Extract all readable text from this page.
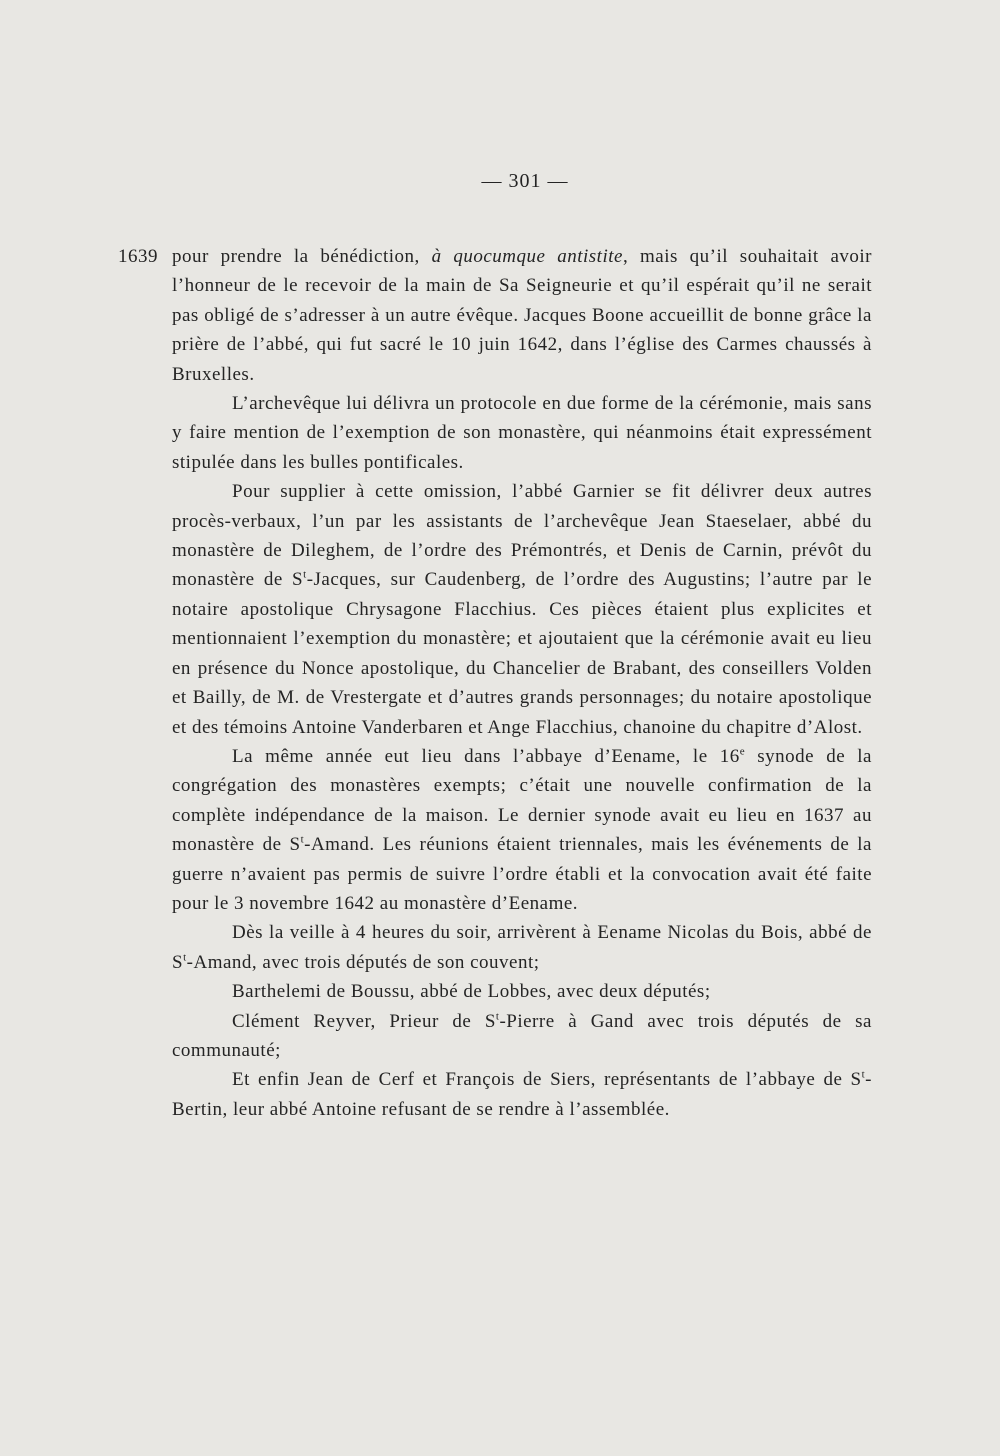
— 301 —
1639 pour prendre la bénédiction, à quocumque antistite, mais qu’il souhaitait avoir l’honneur de le recevoir de la main de Sa Seigneurie et qu’il espérait qu’il ne serait pas obligé de s’adresser à un autre évêque. Jacques Boone accueillit de bonne grâce la prière de l’abbé, qui fut sacré le 10 juin 1642, dans l’église des Carmes chaussés à Bruxelles.

L’archevêque lui délivra un protocole en due forme de la cérémonie, mais sans y faire mention de l’exemption de son monastère, qui néanmoins était expressément stipulée dans les bulles pontificales.

Pour supplier à cette omission, l’abbé Garnier se fit délivrer deux autres procès-verbaux, l’un par les assistants de l’archevêque Jean Staeselaer, abbé du monastère de Dileghem, de l’ordre des Prémontrés, et Denis de Carnin, prévôt du monastère de $S^t$-Jacques, sur Caudenberg, de l’ordre des Augustins; l’autre par le notaire apostolique Chrysagone Flacchius. Ces pièces étaient plus explicites et mentionnaient l’exemption du monastère; et ajoutaient que la cérémonie avait eu lieu en présence du Nonce apostolique, du Chancelier de Brabant, des conseillers Volden et Bailly, de M. de Vrestergate et d’autres grands personnages; du notaire apostolique et des témoins Antoine Vanderbaren et Ange Flacchius, chanoine du chapitre d’Alost.

La même année eut lieu dans l’abbaye d’Eename, le 16e synode de la congrégation des monastères exempts; c’était une nouvelle confirmation de la complète indépendance de la maison. Le dernier synode avait eu lieu en 1637 au monastère de $S^t$-Amand. Les réunions étaient triennales, mais les événements de la guerre n’avaient pas permis de suivre l’ordre établi et la convocation avait été faite pour le 3 novembre 1642 au monastère d’Eename.

Dès la veille à 4 heures du soir, arrivèrent à Eename Nicolas du Bois, abbé de $S^t$-Amand, avec trois députés de son couvent;

Barthelemi de Boussu, abbé de Lobbes, avec deux députés;

Clément Reyver, Prieur de $S^t$-Pierre à Gand avec trois députés de sa communauté;

Et enfin Jean de Cerf et François de Siers, représentants de l’abbaye de $S^t$-Bertin, leur abbé Antoine refusant de se rendre à l’assemblée.
